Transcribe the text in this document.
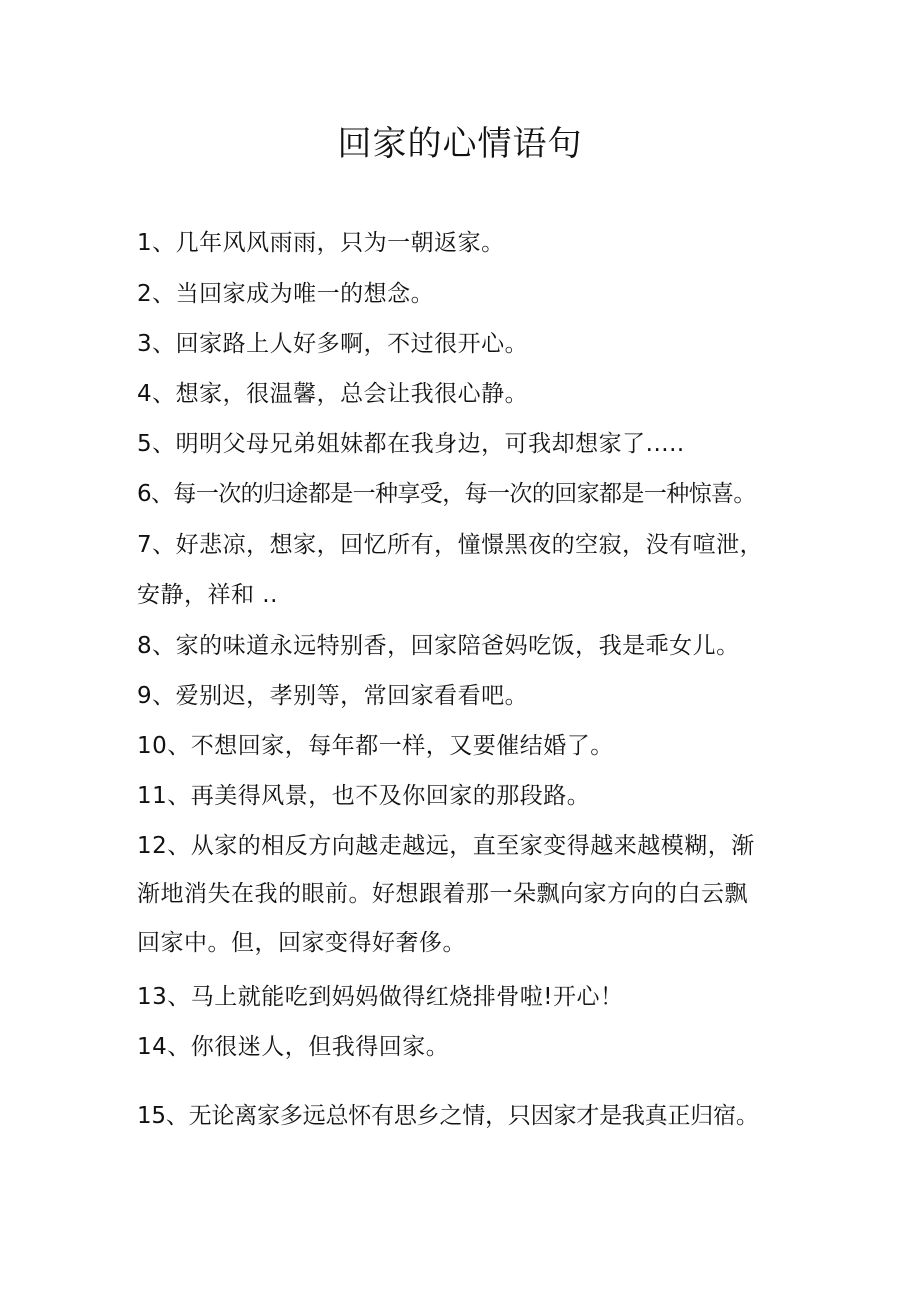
回家的心情语句
1、几年风风雨雨，只为一朝返家。
2、当回家成为唯一的想念。
3、回家路上人好多啊，不过很开心。
4、想家，很温馨，总会让我很心静。
5、明明父母兄弟姐妹都在我身边，可我却想家了.....
6、每一次的归途都是一种享受，每一次的回家都是一种惊喜。
7、好悲凉，想家，回忆所有，憧憬黑夜的空寂，没有喧泄，
安静，祥和 ..
8、家的味道永远特别香，回家陪爸妈吃饭，我是乖女儿。
9、爱别迟，孝别等，常回家看看吧。
10、不想回家，每年都一样，又要催结婚了。
11、再美得风景，也不及你回家的那段路。
12、从家的相反方向越走越远，直至家变得越来越模糊，渐
渐地消失在我的眼前。好想跟着那一朵飘向家方向的白云飘
回家中。但，回家变得好奢侈。
13、马上就能吃到妈妈做得红烧排骨啦!开心！
14、你很迷人，但我得回家。
15、无论离家多远总怀有思乡之情，只因家才是我真正归宿。
